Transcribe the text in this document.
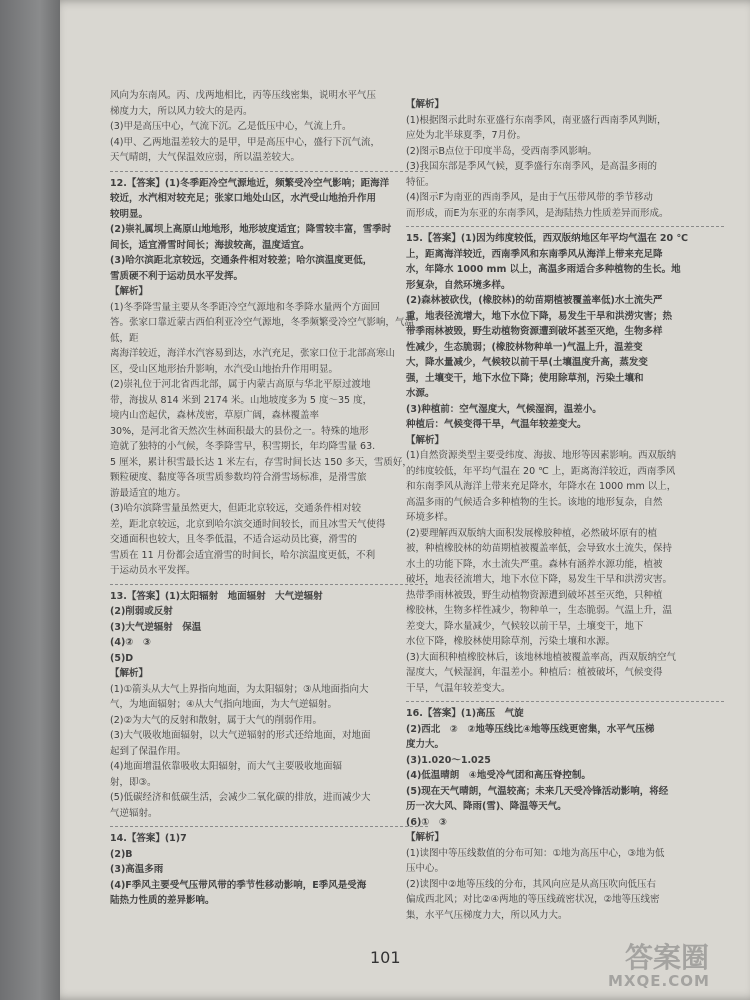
风向为东南风。丙、戊两地相比，丙等压线密集，说明水平气压

梯度力大，所以风力较大的是丙。

(3)甲是高压中心，气流下沉。乙是低压中心，气流上升。

(4)甲、乙两地温差较大的是甲，甲是高压中心，盛行下沉气流，

天气晴朗，大气保温效应弱，所以温差较大。

12.【答案】(1)冬季距冷空气源地近，频繁受冷空气影响；距海洋

较近，水汽相对较充足；张家口地处山区，水汽受山地抬升作用

较明显。

(2)崇礼属坝上高原山地地形，地形坡度适宜；降雪较丰富，雪季时

间长，适宜滑雪时间长；海拔较高，温度适宜。

(3)哈尔滨距北京较远，交通条件相对较差；哈尔滨温度更低，

雪质硬不利于运动员水平发挥。

【解析】

(1)冬季降雪量主要从冬季距冷空气源地和冬季降水量两个方面回

答。张家口靠近蒙古西伯利亚冷空气源地，冬季频繁受冷空气影响，气温低，距

离海洋较近，海洋水汽容易到达，水汽充足，张家口位于北部高寒山

区，受山区地形抬升影响，水汽受山地抬升作用明显。

(2)崇礼位于河北省西北部，属于内蒙古高原与华北平原过渡地

带，海拔从 814 米到 2174 米。山地坡度多为 5 度～35 度，

境内山峦起伏，森林茂密，草原广阔，森林覆盖率

30%，是河北省天然次生林面积最大的县份之一。特殊的地形

造就了独特的小气候，冬季降雪早，积雪期长，年均降雪量 63.

5 厘米，累计积雪最长达 1 米左右，存雪时间长达 150 多天，雪质好，

颗粒硬度、黏度等各项雪质参数均符合滑雪场标准，是滑雪旅

游最适宜的地方。

(3)哈尔滨降雪量虽然更大，但距北京较远，交通条件相对较

差，距北京较远，北京到哈尔滨交通时间较长，而且冰雪天气使得

交通面积也较大，且冬季低温，不适合运动员比赛，滑雪的

雪质在 11 月份都会适宜滑雪的时间长，哈尔滨温度更低，不利

于运动员水平发挥。

13.【答案】(1)太阳辐射　地面辐射　大气逆辐射

(2)削弱或反射

(3)大气逆辐射　保温

(4)②　③

(5)D

【解析】

(1)①箭头从大气上界指向地面，为太阳辐射；③从地面指向大

气，为地面辐射；④从大气指向地面，为大气逆辐射。

(2)②为大气的反射和散射，属于大气的削弱作用。

(3)大气吸收地面辐射，以大气逆辐射的形式还给地面，对地面

起到了保温作用。

(4)地面增温依靠吸收太阳辐射，而大气主要吸收地面辐

射，即③。

(5)低碳经济和低碳生活，会减少二氧化碳的排放，进而减少大

气逆辐射。

14.【答案】(1)7

(2)B

(3)高温多雨

(4)F季风主要受气压带风带的季节性移动影响，E季风是受海

陆热力性质的差异影响。

【解析】

(1)根据图示此时东亚盛行东南季风，南亚盛行西南季风判断，

应处为北半球夏季，7月份。

(2)图示B点位于印度半岛，受西南季风影响。

(3)我国东部是季风气候，夏季盛行东南季风，是高温多雨的

特征。

(4)图示F为南亚的西南季风，是由于气压带风带的季节移动

而形成，而E为东亚的东南季风，是海陆热力性质差异而形成。

15.【答案】(1)因为纬度较低，西双版纳地区年平均气温在 20 ℃

上，距离海洋较近，西南季风和东南季风从海洋上带来充足降

水，年降水 1000 mm 以上，高温多雨适合多种植物的生长。地

形复杂，自然环境多样。

(2)森林被砍伐，(橡胶林)的幼苗期植被覆盖率低)水土流失严

重，地表径流增大，地下水位下降，易发生干旱和洪涝灾害；热

带季雨林被毁，野生动植物资源遭到破坏甚至灭绝，生物多样

性减少，生态脆弱；(橡胶林物种单一)气温上升，温差变

大，降水量减少，气候较以前干旱(土壤温度升高，蒸发变

强，土壤变干，地下水位下降；使用除草剂，污染土壤和

水源。

(3)种植前：空气湿度大，气候湿润，温差小。

种植后：气候变得干旱，气温年较差变大。

【解析】

(1)自然资源类型主要受纬度、海拔、地形等因素影响。西双版纳

的纬度较低，年平均气温在 20 ℃ 上，距离海洋较近，西南季风

和东南季风从海洋上带来充足降水，年降水在 1000 mm 以上，

高温多雨的气候适合多种植物的生长。该地的地形复杂，自然

环境多样。

(2)要理解西双版纳大面积发展橡胶种植，必然破坏原有的植

被，种植橡胶林的幼苗期植被覆盖率低，会导致水土流失，保持

水土的功能下降，水土流失严重。森林有涵养水源功能，植被

破坏，地表径流增大，地下水位下降，易发生干旱和洪涝灾害。

热带季雨林被毁，野生动植物资源遭到破坏甚至灭绝，只种植

橡胶林，生物多样性减少，物种单一，生态脆弱。气温上升，温

差变大，降水量减少，气候较以前干旱，土壤变干，地下

水位下降，橡胶林使用除草剂，污染土壤和水源。

(3)大面积种植橡胶林后，该地林地植被覆盖率高，西双版纳空气

湿度大，气候湿润，年温差小。种植后：植被破坏，气候变得

干旱，气温年较差变大。

16.【答案】(1)高压　气旋

(2)西北　②　②地等压线比④地等压线更密集，水平气压梯

度力大。

(3)1.020～1.025

(4)低温晴朗　④地受冷气团和高压脊控制。

(5)现在天气晴朗，气温较高；未来几天受冷锋活动影响，将经

历一次大风、降雨(雪)、降温等天气。

(6)①　③

【解析】

(1)读图中等压线数值的分布可知：①地为高压中心，③地为低

压中心。

(2)读图中②地等压线的分布，其风向应是从高压吹向低压右

偏成西北风；对比②④两地的等压线疏密状况，②地等压线密

集，水平气压梯度力大，所以风力大。

101	答案圈
MXQE.COM
